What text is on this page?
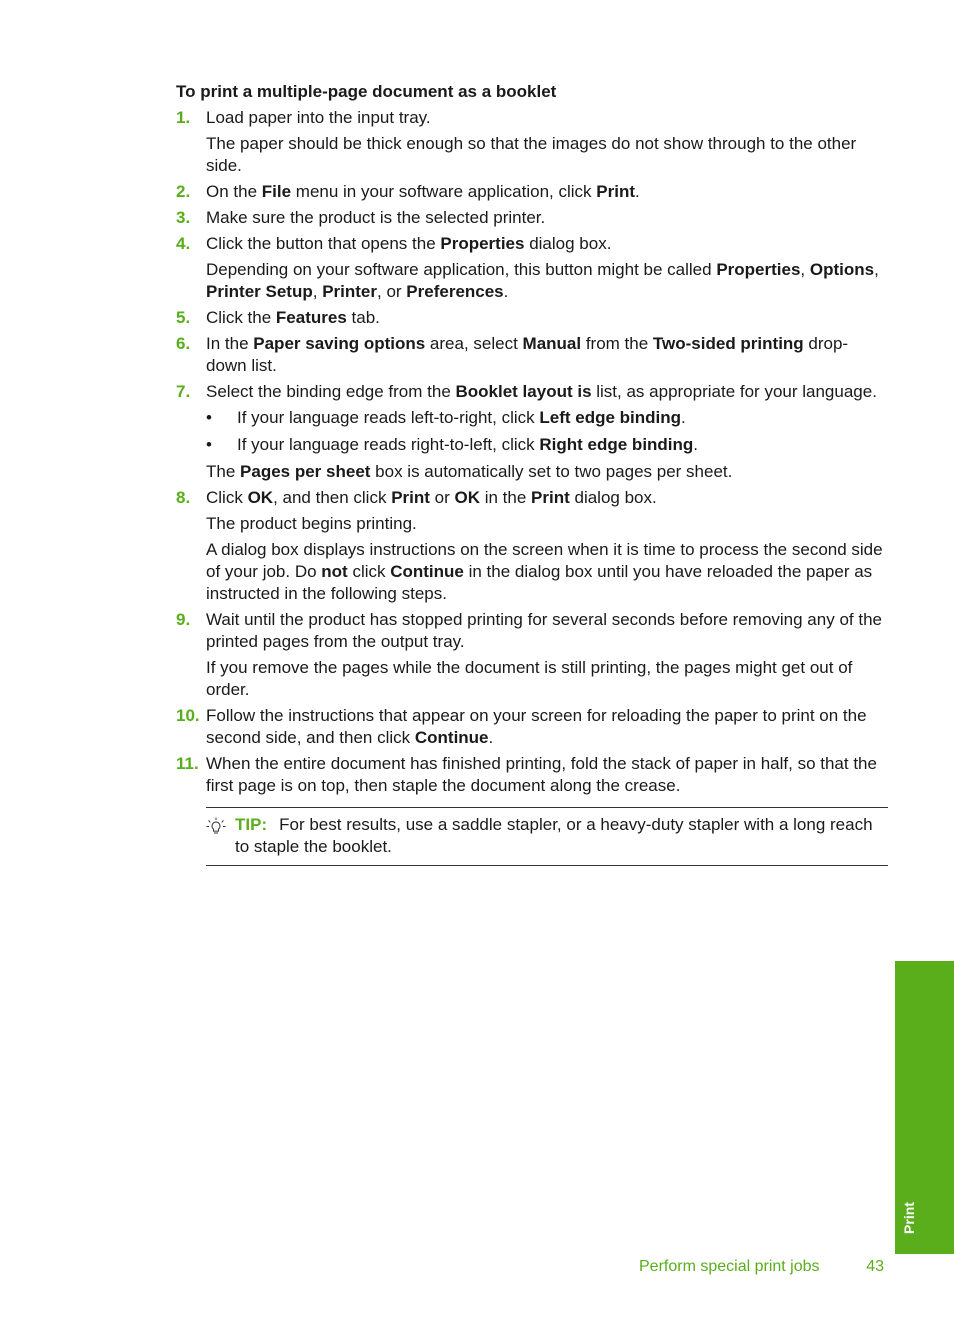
To print a multiple-page document as a booklet
1. Load paper into the input tray.
The paper should be thick enough so that the images do not show through to the other side.
2. On the File menu in your software application, click Print.
3. Make sure the product is the selected printer.
4. Click the button that opens the Properties dialog box.
Depending on your software application, this button might be called Properties, Options, Printer Setup, Printer, or Preferences.
5. Click the Features tab.
6. In the Paper saving options area, select Manual from the Two-sided printing drop-down list.
7. Select the binding edge from the Booklet layout is list, as appropriate for your language.
• If your language reads left-to-right, click Left edge binding.
• If your language reads right-to-left, click Right edge binding.
The Pages per sheet box is automatically set to two pages per sheet.
8. Click OK, and then click Print or OK in the Print dialog box.
The product begins printing.
A dialog box displays instructions on the screen when it is time to process the second side of your job. Do not click Continue in the dialog box until you have reloaded the paper as instructed in the following steps.
9. Wait until the product has stopped printing for several seconds before removing any of the printed pages from the output tray.
If you remove the pages while the document is still printing, the pages might get out of order.
10. Follow the instructions that appear on your screen for reloading the paper to print on the second side, and then click Continue.
11. When the entire document has finished printing, fold the stack of paper in half, so that the first page is on top, then staple the document along the crease.
TIP: For best results, use a saddle stapler, or a heavy-duty stapler with a long reach to staple the booklet.
Print
Perform special print jobs	43
